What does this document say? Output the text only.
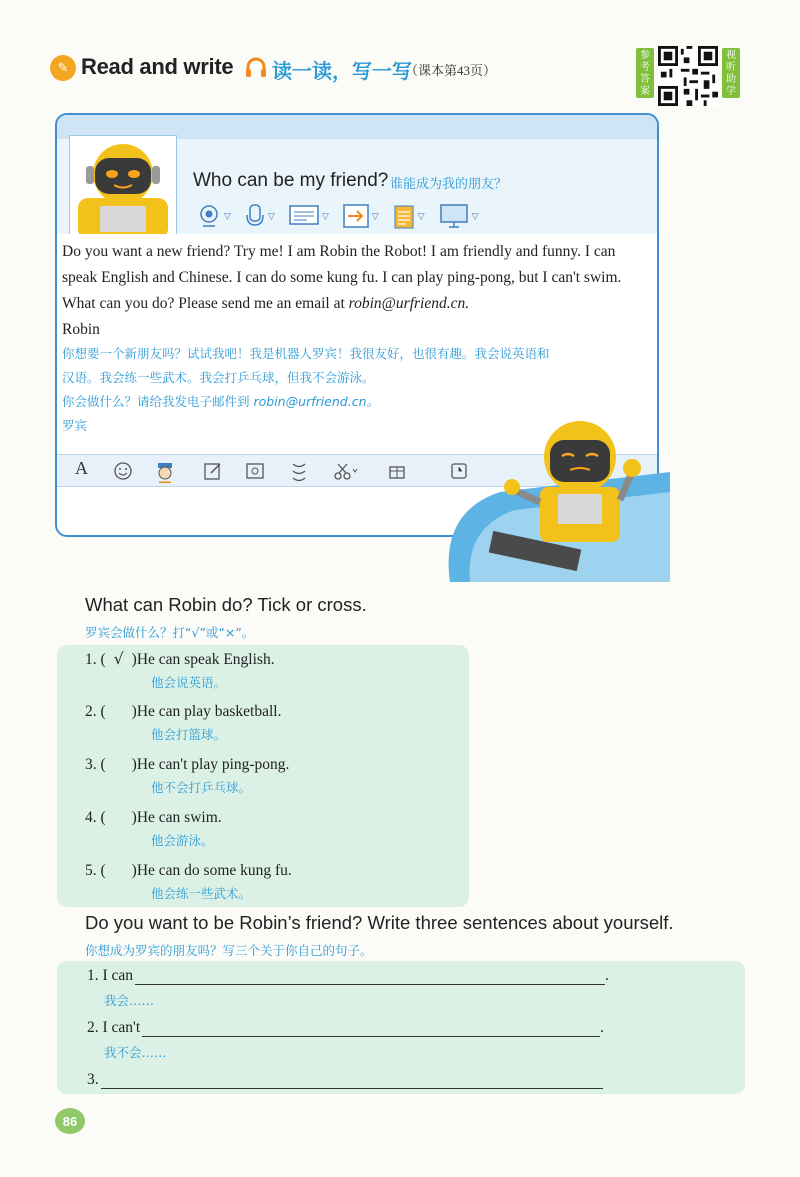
✎ Read and write 读一读，写一写
（课本第43页）
参考答案
视听助学
Who can be my friend? 谁能成为我的朋友？
▽	▽	▽	▽	▽	▽
Do you want a new friend? Try me! I am Robin the Robot! I am friendly and funny. I can
speak English and Chinese. I can do some kung fu. I can play ping-pong, but I can't swim.
What can you do? Please send me an email at robin@urfriend.cn.
Robin
你想要一个新朋友吗？试试我吧！我是机器人罗宾！我很友好，也很有趣。我会说英语和
汉语。我会练一些武术。我会打乒乓球，但我不会游泳。
你会做什么？请给我发电子邮件到 robin@urfriend.cn。
罗宾
A
What can Robin do? Tick or cross.
罗宾会做什么？打“√”或“×”。
1. ( √ )He can speak English.
他会说英语。
2. ( )He can play basketball.
他会打篮球。
3. ( )He can't play ping-pong.
他不会打乒乓球。
4. ( )He can swim.
他会游泳。
5. ( )He can do some kung fu.
他会练一些武术。
Do you want to be Robin’s friend? Write three sentences about yourself.
你想成为罗宾的朋友吗？写三个关于你自己的句子。
1. I can	.
我会……
2. I can't	.
我不会……
3.
86
